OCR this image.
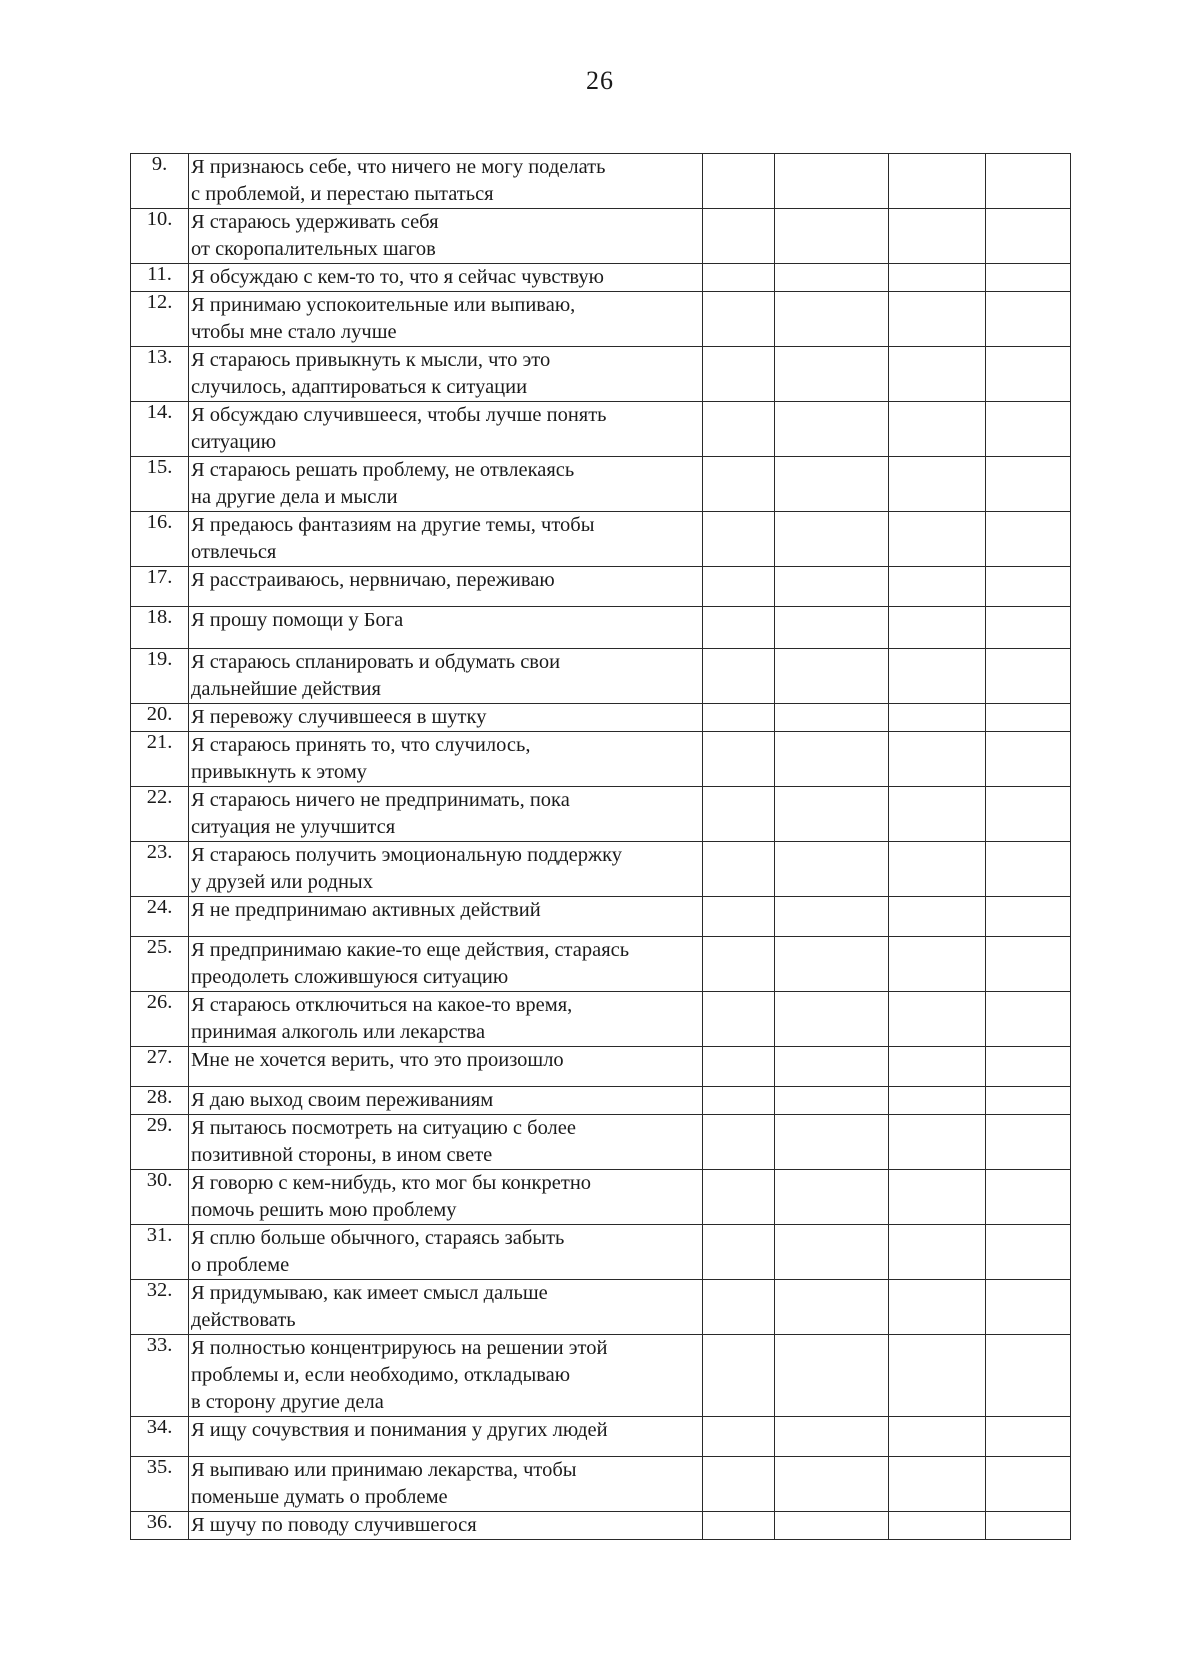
26
9.	Я признаюсь себе, что ничего не могу поделать
с проблемой, и перестаю пытаться				

10.	Я стараюсь удерживать себя
от скоропалительных шагов				

11.	Я обсуждаю с кем-то то, что я сейчас чувствую				

12.	Я принимаю успокоительные или выпиваю,
чтобы мне стало лучше				

13.	Я стараюсь привыкнуть к мысли, что это
случилось, адаптироваться к ситуации				

14.	Я обсуждаю случившееся, чтобы лучше понять
ситуацию				

15.	Я стараюсь решать проблему, не отвлекаясь
на другие дела и мысли				

16.	Я предаюсь фантазиям на другие темы, чтобы
отвлечься				

17.	Я расстраиваюсь, нервничаю, переживаю				

18.	Я прошу помощи у Бога				

19.	Я стараюсь спланировать и обдумать свои
дальнейшие действия				

20.	Я перевожу случившееся в шутку				

21.	Я стараюсь принять то, что случилось,
привыкнуть к этому				

22.	Я стараюсь ничего не предпринимать, пока
ситуация не улучшится				

23.	Я стараюсь получить эмоциональную поддержку
у друзей или родных				

24.	Я не предпринимаю активных действий				

25.	Я предпринимаю какие-то еще действия, стараясь
преодолеть сложившуюся ситуацию				

26.	Я стараюсь отключиться на какое-то время,
принимая алкоголь или лекарства				

27.	Мне не хочется верить, что это произошло				

28.	Я даю выход своим переживаниям				

29.	Я пытаюсь посмотреть на ситуацию с более
позитивной стороны, в ином свете				

30.	Я говорю с кем-нибудь, кто мог бы конкретно
помочь решить мою проблему				

31.	Я сплю больше обычного, стараясь забыть
о проблеме				

32.	Я придумываю, как имеет смысл дальше
действовать				

33.	Я полностью концентрируюсь на решении этой
проблемы и, если необходимо, откладываю
в сторону другие дела				

34.	Я ищу сочувствия и понимания у других людей				

35.	Я выпиваю или принимаю лекарства, чтобы
поменьше думать о проблеме				

36.	Я шучу по поводу случившегося				
